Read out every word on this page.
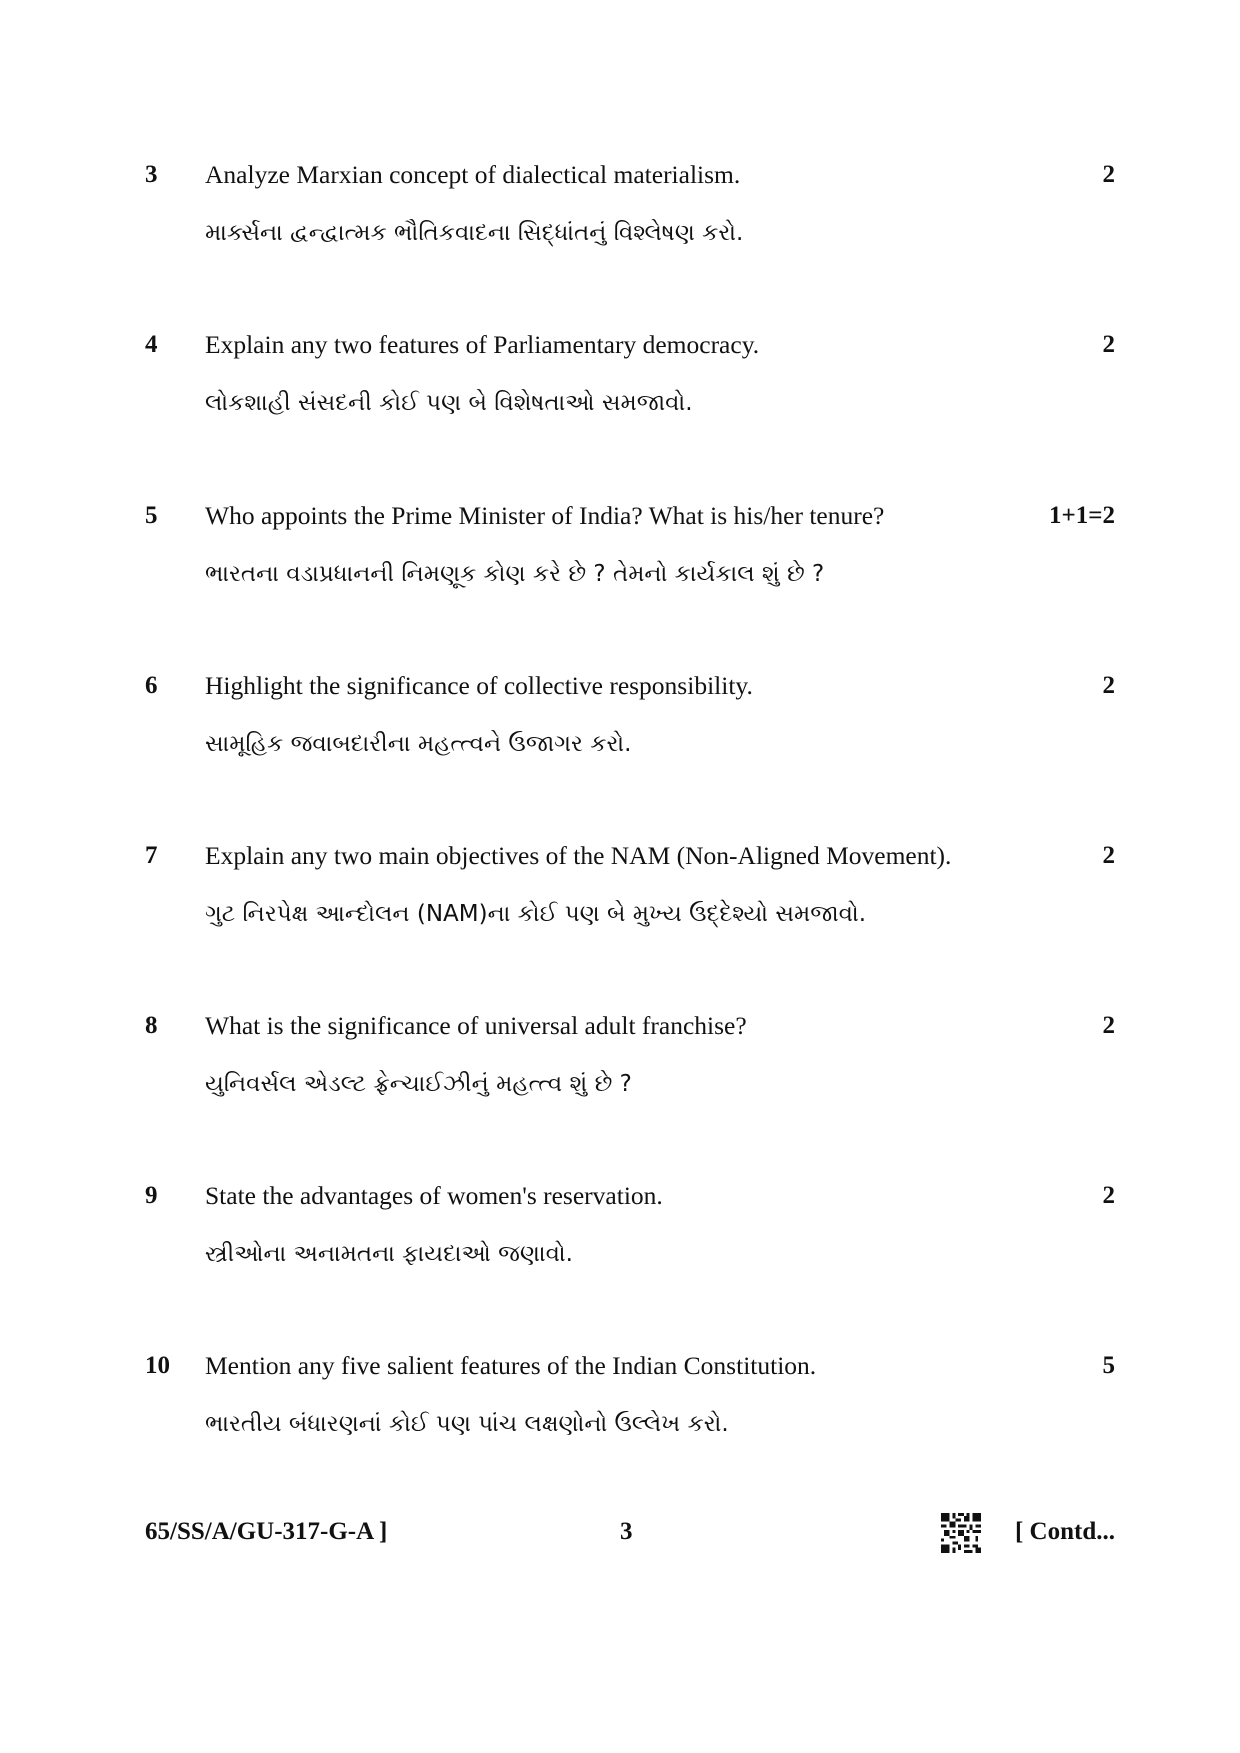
3 Analyze Marxian concept of dialectical materialism.
માર્ક્સના દ્વન્દ્વાત્મક ભૌતિકવાદના સિદ્ધાંતનું વિશ્લેષણ કરો.
2
4 Explain any two features of Parliamentary democracy.
લોકશાહી સંસદની કોઈ પણ બે વિશેષતાઓ સમજાવો.
2
5 Who appoints the Prime Minister of India? What is his/her tenure?
ભારતના વડાપ્રધાનની નિમણૂક કોણ કરે છે ? તેમનો કાર્યકાલ શું છે ?
1+1=2
6 Highlight the significance of collective responsibility.
સામૂહિક જવાબદારીના મહત્ત્વને ઉજાગર કરો.
2
7 Explain any two main objectives of the NAM (Non-Aligned Movement).
ગુટ નિરપેક્ષ આન્દોલન (NAM)ના કોઈ પણ બે મુખ્ય ઉદ્દેશ્યો સમજાવો.
2
8 What is the significance of universal adult franchise?
યુનિવર્સલ એડલ્ટ ફ્રેન્ચાઈઝીનું મહત્ત્વ શું છે ?
2
9 State the advantages of women's reservation.
સ્ત્રીઓના અનામતના ફાયદાઓ જણાવો.
2
10 Mention any five salient features of the Indian Constitution.
ભારતીય બંધારણનાં કોઈ પણ પાંચ લક્ષણોનો ઉલ્લેખ કરો.
5
65/SS/A/GU-317-G-A ]	3	[ Contd...
